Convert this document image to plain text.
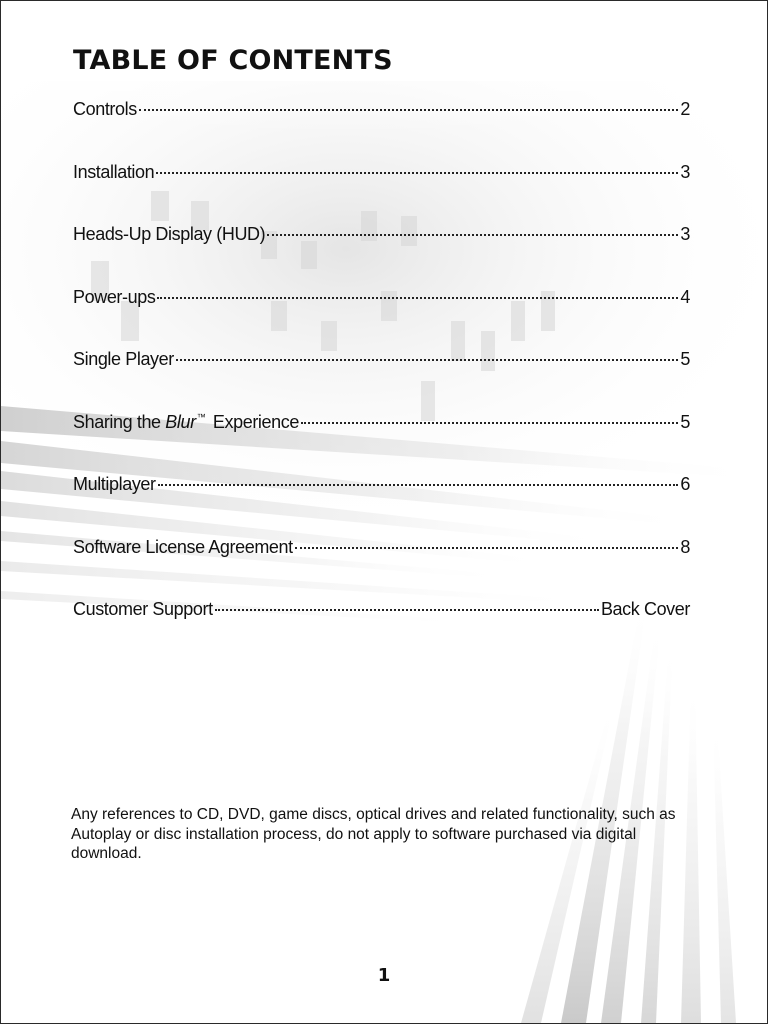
TABLE OF CONTENTS
Controls	2
Installation	3
Heads-Up Display (HUD)	3
Power-ups	4
Single Player	5
Sharing the Blur™ Experience	5
Multiplayer	6
Software License Agreement	8
Customer Support	Back Cover

Any references to CD, DVD, game discs, optical drives and related functionality, such as Autoplay or disc installation process, do not apply to software purchased via digital download.

1
